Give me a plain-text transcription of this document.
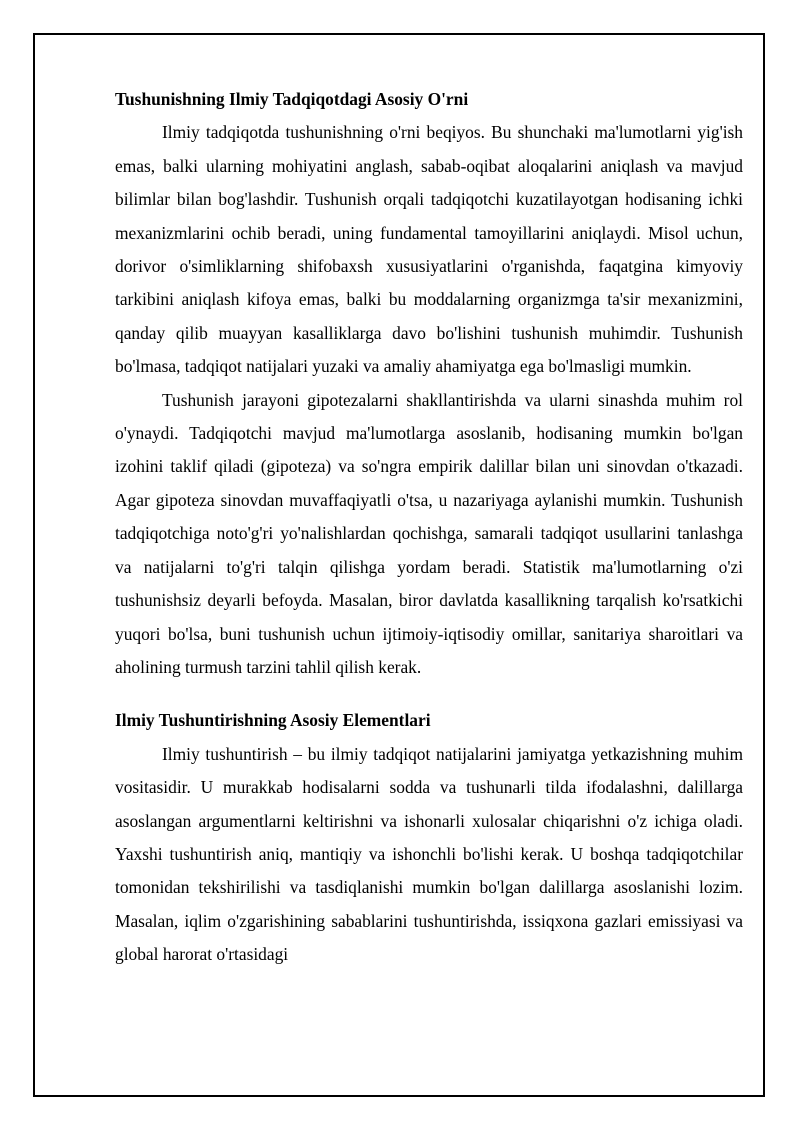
Tushunishning Ilmiy Tadqiqotdagi Asosiy O'rni

Ilmiy tadqiqotda tushunishning o'rni beqiyos. Bu shunchaki ma'lumotlarni yig'ish emas, balki ularning mohiyatini anglash, sabab-oqibat aloqalarini aniqlash va mavjud bilimlar bilan bog'lashdir. Tushunish orqali tadqiqotchi kuzatilayotgan hodisaning ichki mexanizmlarini ochib beradi, uning fundamental tamoyillarini aniqlaydi. Misol uchun, dorivor o'simliklarning shifobaxsh xususiyatlarini o'rganishda, faqatgina kimyoviy tarkibini aniqlash kifoya emas, balki bu moddalarning organizmga ta'sir mexanizmini, qanday qilib muayyan kasalliklarga davo bo'lishini tushunish muhimdir. Tushunish bo'lmasa, tadqiqot natijalari yuzaki va amaliy ahamiyatga ega bo'lmasligi mumkin.

Tushunish jarayoni gipotezalarni shakllantirishda va ularni sinashda muhim rol o'ynaydi. Tadqiqotchi mavjud ma'lumotlarga asoslanib, hodisaning mumkin bo'lgan izohini taklif qiladi (gipoteza) va so'ngra empirik dalillar bilan uni sinovdan o'tkazadi. Agar gipoteza sinovdan muvaffaqiyatli o'tsa, u nazariyaga aylanishi mumkin. Tushunish tadqiqotchiga noto'g'ri yo'nalishlardan qochishga, samarali tadqiqot usullarini tanlashga va natijalarni to'g'ri talqin qilishga yordam beradi. Statistik ma'lumotlarning o'zi tushunishsiz deyarli befoyda. Masalan, biror davlatda kasallikning tarqalish ko'rsatkichi yuqori bo'lsa, buni tushunish uchun ijtimoiy-iqtisodiy omillar, sanitariya sharoitlari va aholining turmush tarzini tahlil qilish kerak.

Ilmiy Tushuntirishning Asosiy Elementlari

Ilmiy tushuntirish – bu ilmiy tadqiqot natijalarini jamiyatga yetkazishning muhim vositasidir. U murakkab hodisalarni sodda va tushunarli tilda ifodalashni, dalillarga asoslangan argumentlarni keltirishni va ishonarli xulosalar chiqarishni o'z ichiga oladi. Yaxshi tushuntirish aniq, mantiqiy va ishonchli bo'lishi kerak. U boshqa tadqiqotchilar tomonidan tekshirilishi va tasdiqlanishi mumkin bo'lgan dalillarga asoslanishi lozim. Masalan, iqlim o'zgarishining sabablarini tushuntirishda, issiqxona gazlari emissiyasi va global harorat o'rtasidagi
